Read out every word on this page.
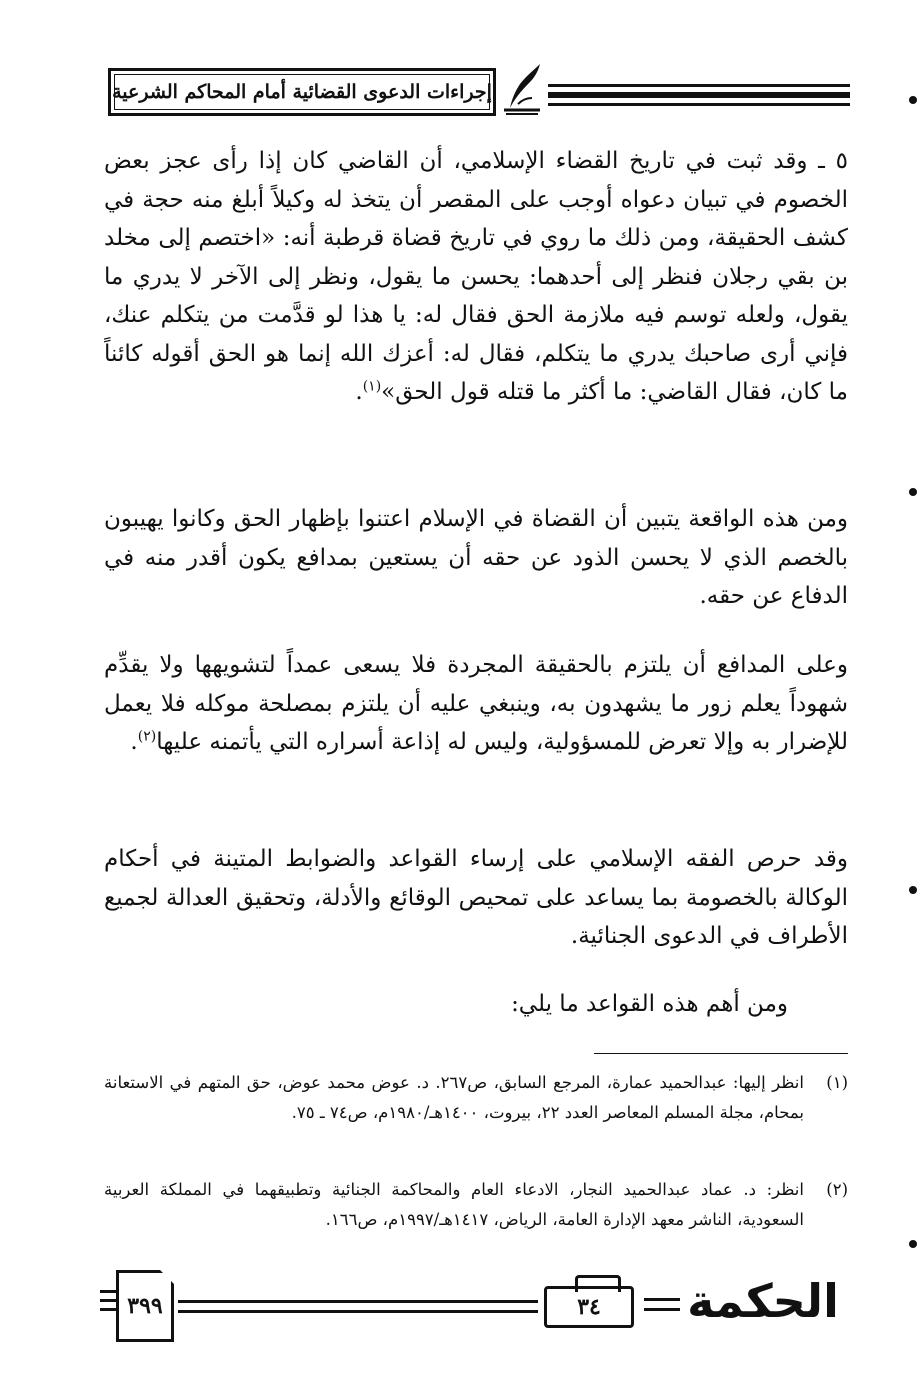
إجراءات الدعوى القضائية أمام المحاكم الشرعية
٥ ـ وقد ثبت في تاريخ القضاء الإسلامي، أن القاضي كان إذا رأى عجز بعض الخصوم في تبيان دعواه أوجب على المقصر أن يتخذ له وكيلاً أبلغ منه حجة في كشف الحقيقة، ومن ذلك ما روي في تاريخ قضاة قرطبة أنه: «اختصم إلى مخلد بن بقي رجلان فنظر إلى أحدهما: يحسن ما يقول، ونظر إلى الآخر لا يدري ما يقول، ولعله توسم فيه ملازمة الحق فقال له: يا هذا لو قدَّمت من يتكلم عنك، فإني أرى صاحبك يدري ما يتكلم، فقال له: أعزك الله إنما هو الحق أقوله كائناً ما كان، فقال القاضي: ما أكثر ما قتله قول الحق»$^{(١)}$.
ومن هذه الواقعة يتبين أن القضاة في الإسلام اعتنوا بإظهار الحق وكانوا يهيبون بالخصم الذي لا يحسن الذود عن حقه أن يستعين بمدافع يكون أقدر منه في الدفاع عن حقه.
وعلى المدافع أن يلتزم بالحقيقة المجردة فلا يسعى عمداً لتشويهها ولا يقدِّم شهوداً يعلم زور ما يشهدون به، وينبغي عليه أن يلتزم بمصلحة موكله فلا يعمل للإضرار به وإلا تعرض للمسؤولية، وليس له إذاعة أسراره التي يأتمنه عليها$^{(٢)}$.
وقد حرص الفقه الإسلامي على إرساء القواعد والضوابط المتينة في أحكام الوكالة بالخصومة بما يساعد على تمحيص الوقائع والأدلة، وتحقيق العدالة لجميع الأطراف في الدعوى الجنائية.
ومن أهم هذه القواعد ما يلي:
(١)
انظر إليها: عبدالحميد عمارة، المرجع السابق، ص٢٦٧. د. عوض محمد عوض، حق المتهم في الاستعانة بمحام، مجلة المسلم المعاصر العدد ٢٢، بيروت، ١٤٠٠هـ/١٩٨٠م، ص٧٤ ـ ٧٥.
(٢)
انظر: د. عماد عبدالحميد النجار، الادعاء العام والمحاكمة الجنائية وتطبيقهما في المملكة العربية السعودية، الناشر معهد الإدارة العامة، الرياض، ١٤١٧هـ/١٩٩٧م، ص١٦٦.
٣٩٩	٣٤ الحكمة
